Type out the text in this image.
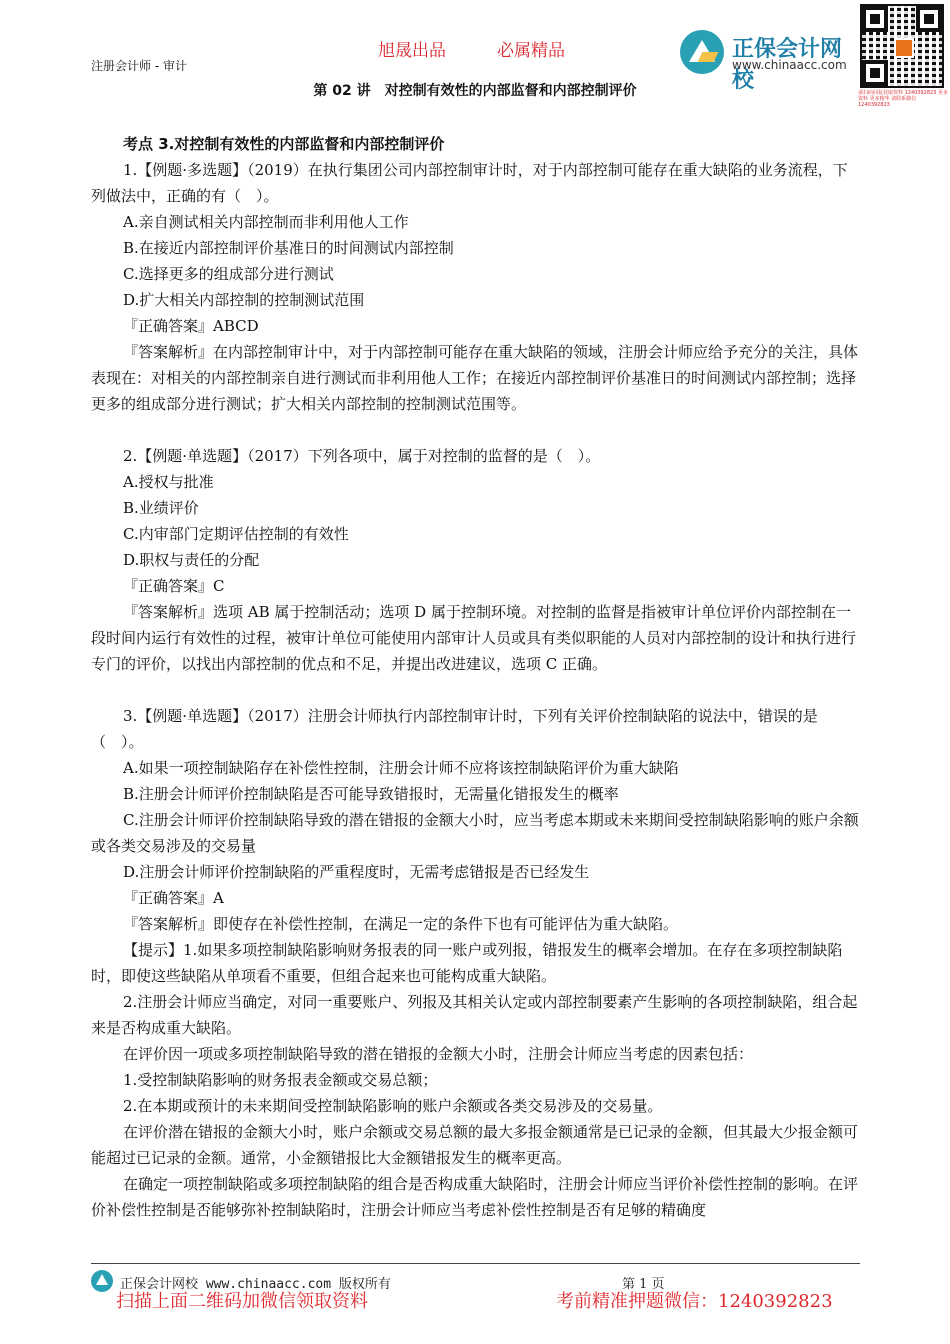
注册会计师 - 审计
旭晟出品	必属精品	正保会计网校
www.chinaacc.com
请扫码回复获取资料 1240392823 更多资料 更多精华 请联系微信 1240392823
第 02 讲 对控制有效性的内部监督和内部控制评价

考点 3.对控制有效性的内部监督和内部控制评价

1.【例题·多选题】（2019）在执行集团公司内部控制审计时，对于内部控制可能存在重大缺陷的业务流程，下列做法中，正确的有（　）。

A.亲自测试相关内部控制而非利用他人工作

B.在接近内部控制评价基准日的时间测试内部控制

C.选择更多的组成部分进行测试

D.扩大相关内部控制的控制测试范围

『正确答案』ABCD

『答案解析』在内部控制审计中，对于内部控制可能存在重大缺陷的领域，注册会计师应给予充分的关注，具体表现在：对相关的内部控制亲自进行测试而非利用他人工作；在接近内部控制评价基准日的时间测试内部控制；选择更多的组成部分进行测试；扩大相关内部控制的控制测试范围等。

2.【例题·单选题】（2017）下列各项中，属于对控制的监督的是（　）。

A.授权与批准

B.业绩评价

C.内审部门定期评估控制的有效性

D.职权与责任的分配

『正确答案』C

『答案解析』选项 AB 属于控制活动；选项 D 属于控制环境。对控制的监督是指被审计单位评价内部控制在一段时间内运行有效性的过程，被审计单位可能使用内部审计人员或具有类似职能的人员对内部控制的设计和执行进行专门的评价，以找出内部控制的优点和不足，并提出改进建议，选项 C 正确。

3.【例题·单选题】（2017）注册会计师执行内部控制审计时，下列有关评价控制缺陷的说法中，错误的是（　）。

A.如果一项控制缺陷存在补偿性控制，注册会计师不应将该控制缺陷评价为重大缺陷

B.注册会计师评价控制缺陷是否可能导致错报时，无需量化错报发生的概率

C.注册会计师评价控制缺陷导致的潜在错报的金额大小时，应当考虑本期或未来期间受控制缺陷影响的账户余额或各类交易涉及的交易量

D.注册会计师评价控制缺陷的严重程度时，无需考虑错报是否已经发生

『正确答案』A

『答案解析』即使存在补偿性控制，在满足一定的条件下也有可能评估为重大缺陷。

【提示】1.如果多项控制缺陷影响财务报表的同一账户或列报，错报发生的概率会增加。在存在多项控制缺陷时，即使这些缺陷从单项看不重要，但组合起来也可能构成重大缺陷。

2.注册会计师应当确定，对同一重要账户、列报及其相关认定或内部控制要素产生影响的各项控制缺陷，组合起来是否构成重大缺陷。

在评价因一项或多项控制缺陷导致的潜在错报的金额大小时，注册会计师应当考虑的因素包括：

1.受控制缺陷影响的财务报表金额或交易总额；

2.在本期或预计的未来期间受控制缺陷影响的账户余额或各类交易涉及的交易量。

在评价潜在错报的金额大小时，账户余额或交易总额的最大多报金额通常是已记录的金额，但其最大少报金额可能超过已记录的金额。通常，小金额错报比大金额错报发生的概率更高。

在确定一项控制缺陷或多项控制缺陷的组合是否构成重大缺陷时，注册会计师应当评价补偿性控制的影响。在评价补偿性控制是否能够弥补控制缺陷时，注册会计师应当考虑补偿性控制是否有足够的精确度

正保会计网校 www.chinaacc.com 版权所有	第 1 页
扫描上面二维码加微信领取资料	考前精准押题微信：1240392823
